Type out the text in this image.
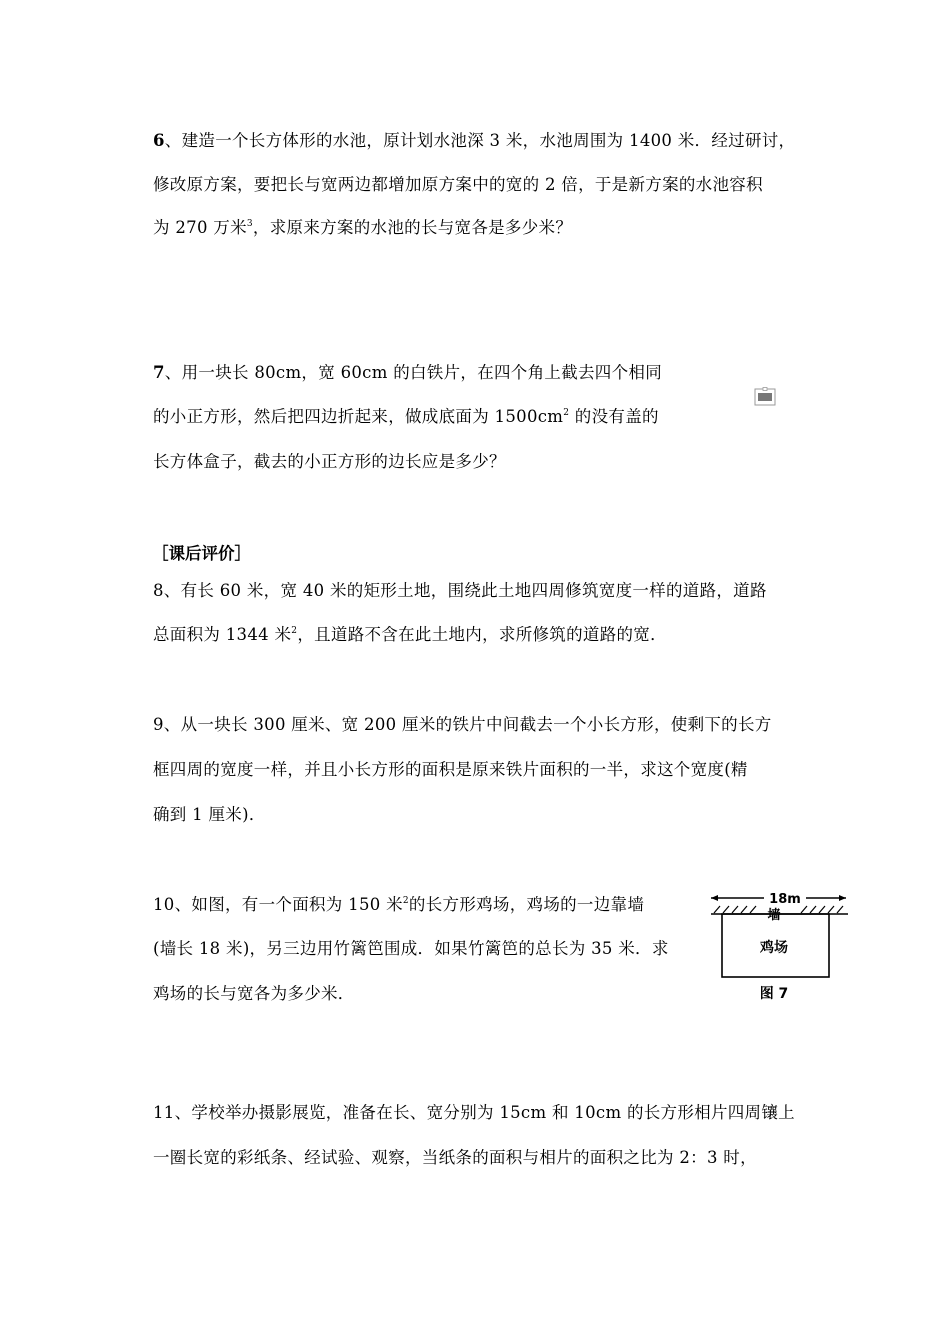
6、建造一个长方体形的水池，原计划水池深 3 米，水池周围为 1400 米．经过研讨，
修改原方案，要把长与宽两边都增加原方案中的宽的 2 倍，于是新方案的水池容积
为 270 万米$^3$，求原来方案的水池的长与宽各是多少米？
7、用一块长 80cm，宽 60cm 的白铁片，在四个角上截去四个相同
的小正方形，然后把四边折起来，做成底面为 $1500cm^2$ 的没有盖的
长方体盒子，截去的小正方形的边长应是多少？
［课后评价］
8、有长 60 米，宽 40 米的矩形土地，围绕此土地四周修筑宽度一样的道路，道路
总面积为 1344 米$^2$，且道路不含在此土地内，求所修筑的道路的宽．
9、从一块长 300 厘米、宽 200 厘米的铁片中间截去一个小长方形，使剩下的长方
框四周的宽度一样，并且小长方形的面积是原来铁片面积的一半，求这个宽度(精
确到 1 厘米)．
10、如图，有一个面积为 150 米$^2$的长方形鸡场，鸡场的一边靠墙
(墙长 18 米)，另三边用竹篱笆围成．如果竹篱笆的总长为 35 米．求
鸡场的长与宽各为多少米．
18m
墙
鸡场
图 7
11、学校举办摄影展览，准备在长、宽分别为 15cm 和 10cm 的长方形相片四周镶上
一圈长宽的彩纸条、经试验、观察，当纸条的面积与相片的面积之比为 2：3 时，
